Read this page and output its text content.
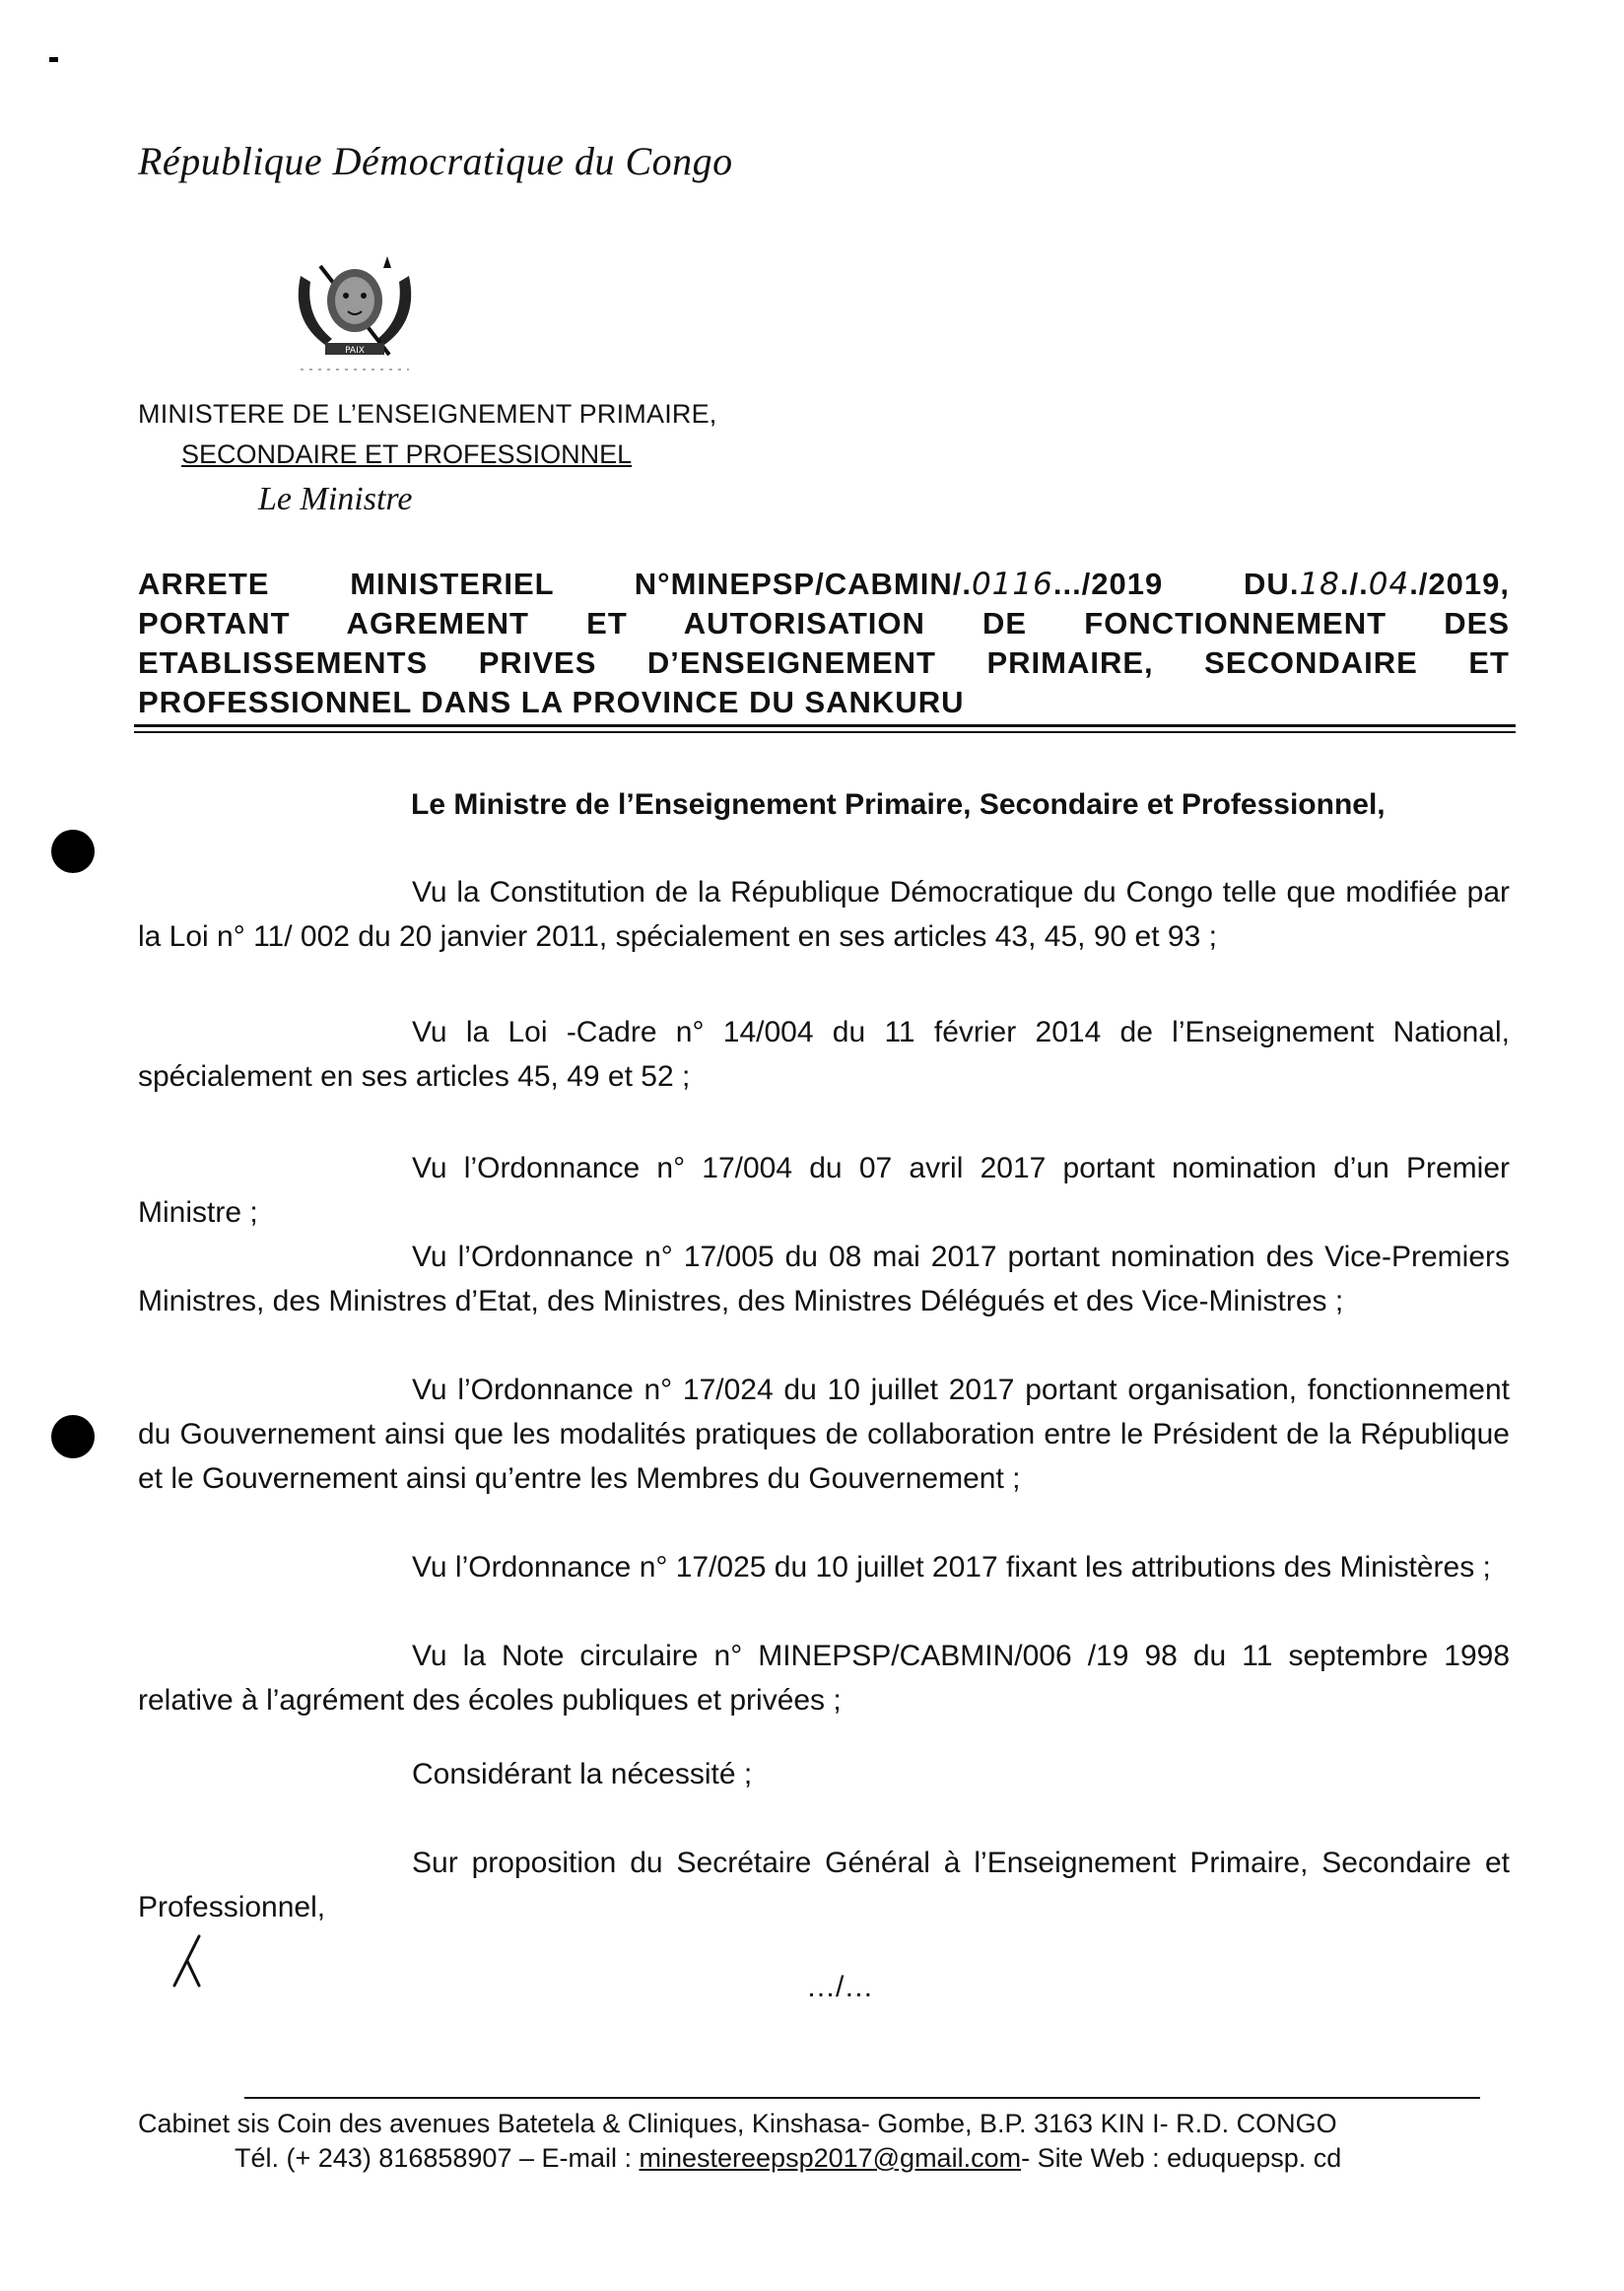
République Démocratique du Congo
PAIX
MINISTERE DE L’ENSEIGNEMENT PRIMAIRE,
SECONDAIRE ET PROFESSIONNEL
Le Ministre
ARRETE MINISTERIEL N°MINEPSP/CABMIN/.0116.../2019 DU.18./.04./2019,
PORTANT AGREMENT ET AUTORISATION DE FONCTIONNEMENT DES
ETABLISSEMENTS PRIVES D’ENSEIGNEMENT PRIMAIRE, SECONDAIRE ET
PROFESSIONNEL DANS LA PROVINCE DU SANKURU
Le Ministre de l’Enseignement Primaire, Secondaire et Professionnel,
Vu la Constitution de la République Démocratique du Congo telle que modifiée par la Loi n° 11/ 002 du 20 janvier 2011, spécialement en ses articles 43, 45, 90 et 93 ;
Vu la Loi -Cadre n° 14/004 du 11 février 2014 de l’Enseignement National, spécialement en ses articles 45, 49 et 52 ;
Vu l’Ordonnance n° 17/004 du 07 avril 2017 portant nomination d’un Premier Ministre ;
Vu l’Ordonnance n° 17/005 du 08 mai 2017 portant nomination des Vice-Premiers Ministres, des Ministres d’Etat, des Ministres, des Ministres Délégués et des Vice-Ministres ;
Vu l’Ordonnance n° 17/024 du 10 juillet 2017 portant organisation, fonctionnement du Gouvernement ainsi que les modalités pratiques de collaboration entre le Président de la République et le Gouvernement ainsi qu’entre les Membres du Gouvernement ;
Vu l’Ordonnance n° 17/025 du 10 juillet 2017 fixant les attributions des Ministères ;
Vu la Note circulaire n° MINEPSP/CABMIN/006 /19 98 du 11 septembre 1998 relative à l’agrément des écoles publiques et privées ;
Considérant la nécessité ;
Sur proposition du Secrétaire Général à l’Enseignement Primaire, Secondaire et Professionnel,
…/…
Cabinet sis Coin des avenues Batetela & Cliniques, Kinshasa- Gombe, B.P. 3163 KIN I- R.D. CONGO
Tél. (+ 243) 816858907 – E-mail : minestereepsp2017@gmail.com- Site Web : eduquepsp. cd
